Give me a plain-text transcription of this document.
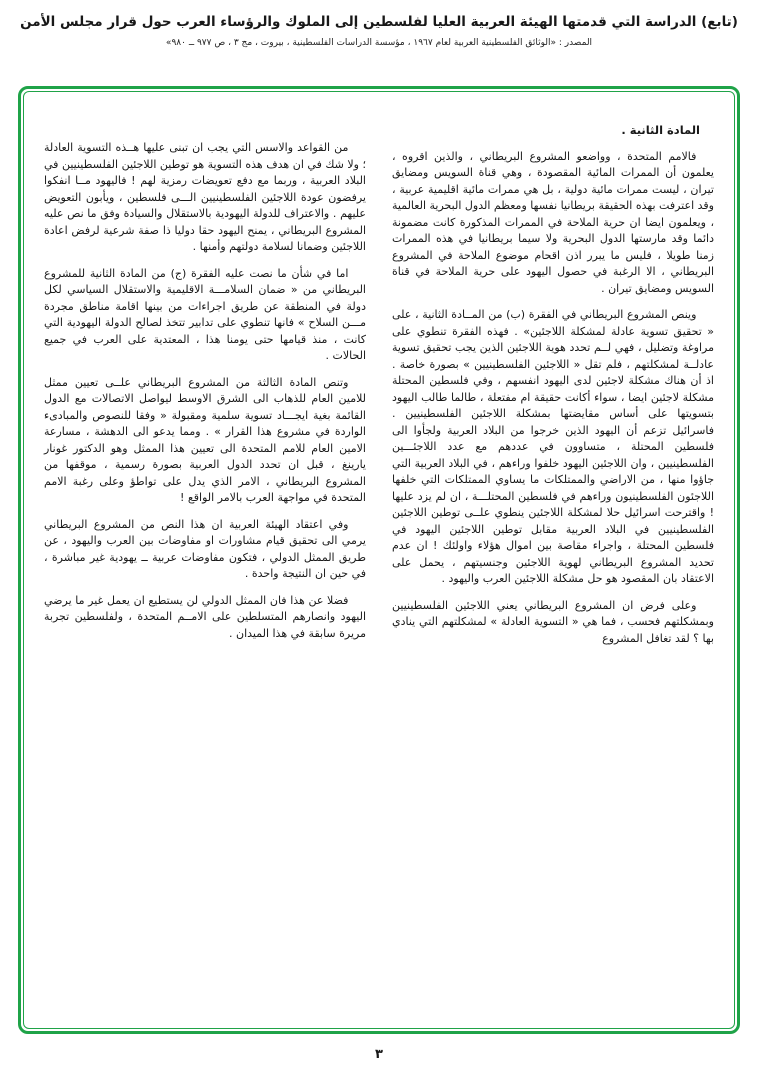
(تابع) الدراسة التي قدمتها الهيئة العربية العليا لفلسطين إلى الملوك والرؤساء العرب حول قرار مجلس الأمن
المصدر : «الوثائق الفلسطينية العربية لعام ١٩٦٧ ، مؤسسة الدراسات الفلسطينية ، بيروت ، مج ٣ ، ص ٩٧٧ ــ ٩٨٠»
المادة الثانية .

فالامم المتحدة ، وواضعو المشروع البريطاني ، والذين اقروه ، يعلمون أن الممرات المائية المقصودة ، وهي قناة السويس ومضايق تيران ، ليست ممرات مائية دولية ، بل هي ممرات مائية اقليمية عربية ، وقد اعترفت بهذه الحقيقة بريطانيا نفسها ومعظم الدول البحرية العالمية ، ويعلمون ايضا ان حرية الملاحة في الممرات المذكورة كانت مضمونة دائما وقد مارستها الدول البحرية ولا سيما بريطانيا في هذه الممرات زمنا طويلا ، فليس ما يبرر اذن اقحام موضوع الملاحة في المشروع البريطاني ، الا الرغبة في حصول اليهود على حرية الملاحة في قناة السويس ومضايق تيران .

وينص المشروع البريطاني في الفقرة (ب) من المــادة الثانية ، على « تحقيق تسوية عادلة لمشكلة اللاجئين» . فهذه الفقرة تنطوي على مراوغة وتضليل ، فهي لــم تحدد هوية اللاجئين الذين يجب تحقيق تسوية عادلــة لمشكلتهم ، فلم تقل « اللاجئين الفلسطينيين » بصورة خاصة . اذ أن هناك مشكلة لاجئين لدى اليهود انفسهم ، وفي فلسطين المحتلة مشكلة لاجئين ايضا ، سواء أكانت حقيقة ام مفتعلة ، طالما طالب اليهود بتسويتها على أساس مقايضتها بمشكلة اللاجئين الفلسطينيين . فاسرائيل تزعم أن اليهود الذين خرجوا من البلاد العربية ولجأوا الى فلسطين المحتلة ، متساوون في عددهم مع عدد اللاجئـــين الفلسطينيين ، وان اللاجئين اليهود خلفوا وراءهم ، في البلاد العربية التي جاؤوا منها ، من الاراضي والممتلكات ما يساوي الممتلكات التي خلفها اللاجئون الفلسطينيون وراءهم في فلسطين المحتلـــة ، ان لم يزد عليها ! واقترحت اسرائيل حلا لمشكلة اللاجئين ينطوي علــى توطين اللاجئين الفلسطينيين في البلاد العربية مقابل توطين اللاجئين اليهود في فلسطين المحتلة ، واجراء مقاصة بين اموال هؤلاء واولئك ! ان عدم تحديد المشروع البريطاني لهوية اللاجئين وجنسيتهم ، يحمل على الاعتقاد بان المقصود هو حل مشكلة اللاجئين العرب واليهود .

وعلى فرض ان المشروع البريطاني يعني اللاجئين الفلسطينيين وبمشكلتهم فحسب ، فما هي « التسوية العادلة » لمشكلتهم التي ينادي بها ؟ لقد تغافل المشروع

من القواعد والاسس التي يجب ان تبنى عليها هــذه التسوية العادلة ؛ ولا شك في ان هدف هذه التسوية هو توطين اللاجئين الفلسطينيين في البلاد العربية ، وربما مع دفع تعويضات رمزية لهم ! فاليهود مــا انفكوا يرفضون عودة اللاجئين الفلسطينيين الـــى فلسطين ، ويأبون التعويض عليهم . والاعتراف للدولة اليهودية بالاستقلال والسيادة وفق ما نص عليه المشروع البريطاني ، يمنح اليهود حقا دوليا ذا صفة شرعية لرفض اعادة اللاجئين وضمانا لسلامة دولتهم وأمنها .

اما في شأن ما نصت عليه الفقرة (ج) من المادة الثانية للمشروع البريطاني من « ضمان السلامـــة الاقليمية والاستقلال السياسي لكل دولة في المنطقة عن طريق اجراءات من بينها اقامة مناطق مجردة مـــن السلاح » فانها تنطوي على تدابير تتخذ لصالح الدولة اليهودية التي كانت ، منذ قيامها حتى يومنا هذا ، المعتدية على العرب في جميع الحالات .

وتنص المادة الثالثة من المشروع البريطاني علــى تعيين ممثل للامين العام للذهاب الى الشرق الاوسط ليواصل الاتصالات مع الدول القائمة بغية ايجـــاد تسوية سلمية ومقبولة « وفقا للنصوص والمبادىء الواردة في مشروع هذا القرار » . ومما يدعو الى الدهشة ، مسارعة الامين العام للامم المتحدة الى تعيين هذا الممثل وهو الدكتور غونار يارينغ ، قبل ان تحدد الدول العربية بصورة رسمية ، موقفها من المشروع البريطاني ، الامر الذي يدل على تواطؤ وعلى رغبة الامم المتحدة في مواجهة العرب بالامر الواقع !

وفي اعتقاد الهيئة العربية ان هذا النص من المشروع البريطاني يرمي الى تحقيق قيام مشاورات او مفاوضات بين العرب واليهود ، عن طريق الممثل الدولي ، فتكون مفاوضات عربية ــ يهودية غير مباشرة ، في حين ان النتيجة واحدة .

فضلا عن هذا فان الممثل الدولي لن يستطيع ان يعمل غير ما يرضي اليهود وانصارهم المتسلطين على الامــم المتحدة ، ولفلسطين تجربة مريرة سابقة في هذا الميدان .

٣
